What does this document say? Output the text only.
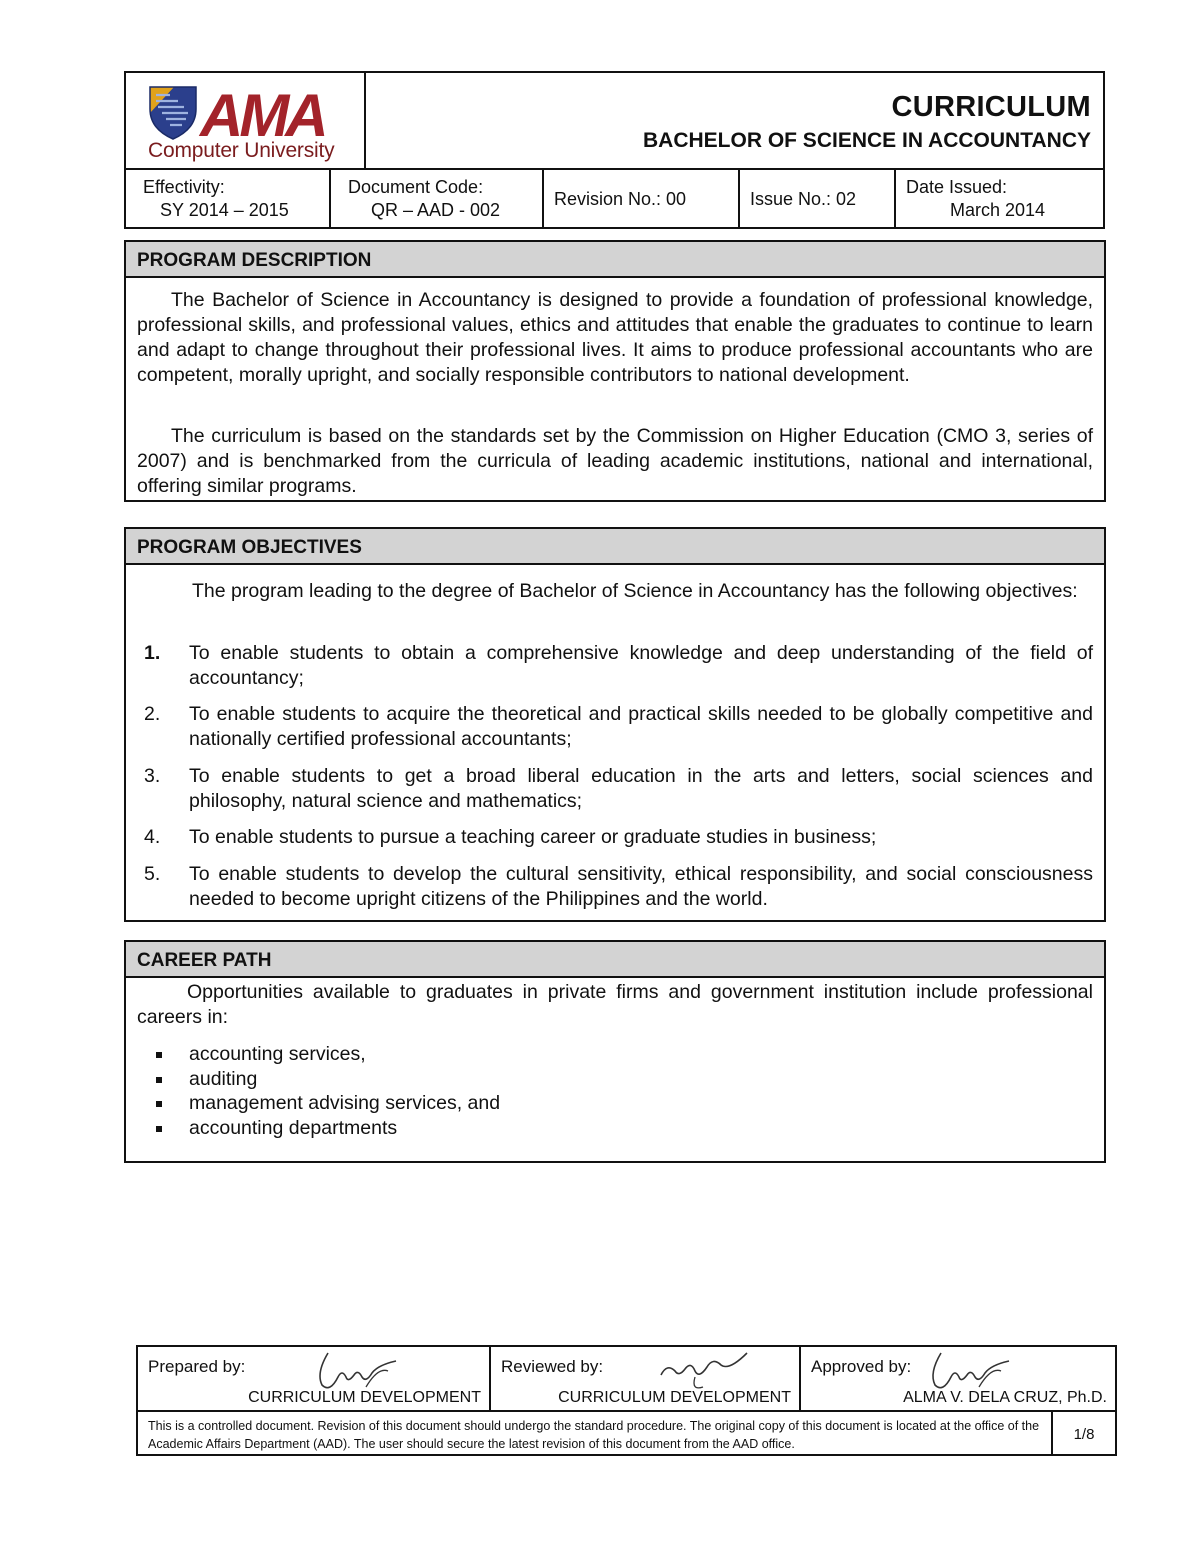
AMA
Computer University
CURRICULUM
BACHELOR OF SCIENCE IN ACCOUNTANCY
Effectivity:
SY 2014 – 2015
Document Code:
QR – AAD - 002
Revision No.: 00	Issue No.: 02
Date Issued:
March 2014
PROGRAM DESCRIPTION
The Bachelor of Science in Accountancy is designed to provide a foundation of professional knowledge, professional skills, and professional values, ethics and attitudes that enable the graduates to continue to learn and adapt to change throughout their professional lives. It aims to produce professional accountants who are competent, morally upright, and socially responsible contributors to national development.
The curriculum is based on the standards set by the Commission on Higher Education (CMO 3, series of 2007) and is benchmarked from the curricula of leading academic institutions, national and international, offering similar programs.
PROGRAM OBJECTIVES
The program leading to the degree of Bachelor of Science in Accountancy has the following objectives:
1. To enable students to obtain a comprehensive knowledge and deep understanding of the field of accountancy;
2. To enable students to acquire the theoretical and practical skills needed to be globally competitive and nationally certified professional accountants;
3. To enable students to get a broad liberal education in the arts and letters, social sciences and philosophy, natural science and mathematics;
4. To enable students to pursue a teaching career or graduate studies in business;
5. To enable students to develop the cultural sensitivity, ethical responsibility, and social consciousness needed to become upright citizens of the Philippines and the world.
CAREER PATH
Opportunities available to graduates in private firms and government institution include professional careers in:
accounting services,
auditing
management advising services, and
accounting departments
Prepared by:
CURRICULUM DEVELOPMENT
Reviewed by:
CURRICULUM DEVELOPMENT
Approved by:
ALMA V. DELA CRUZ, Ph.D.
This is a controlled document. Revision of this document should undergo the standard procedure. The original copy of this document is located at the office of the Academic Affairs Department (AAD). The user should secure the latest revision of this document from the AAD office.
1/8
